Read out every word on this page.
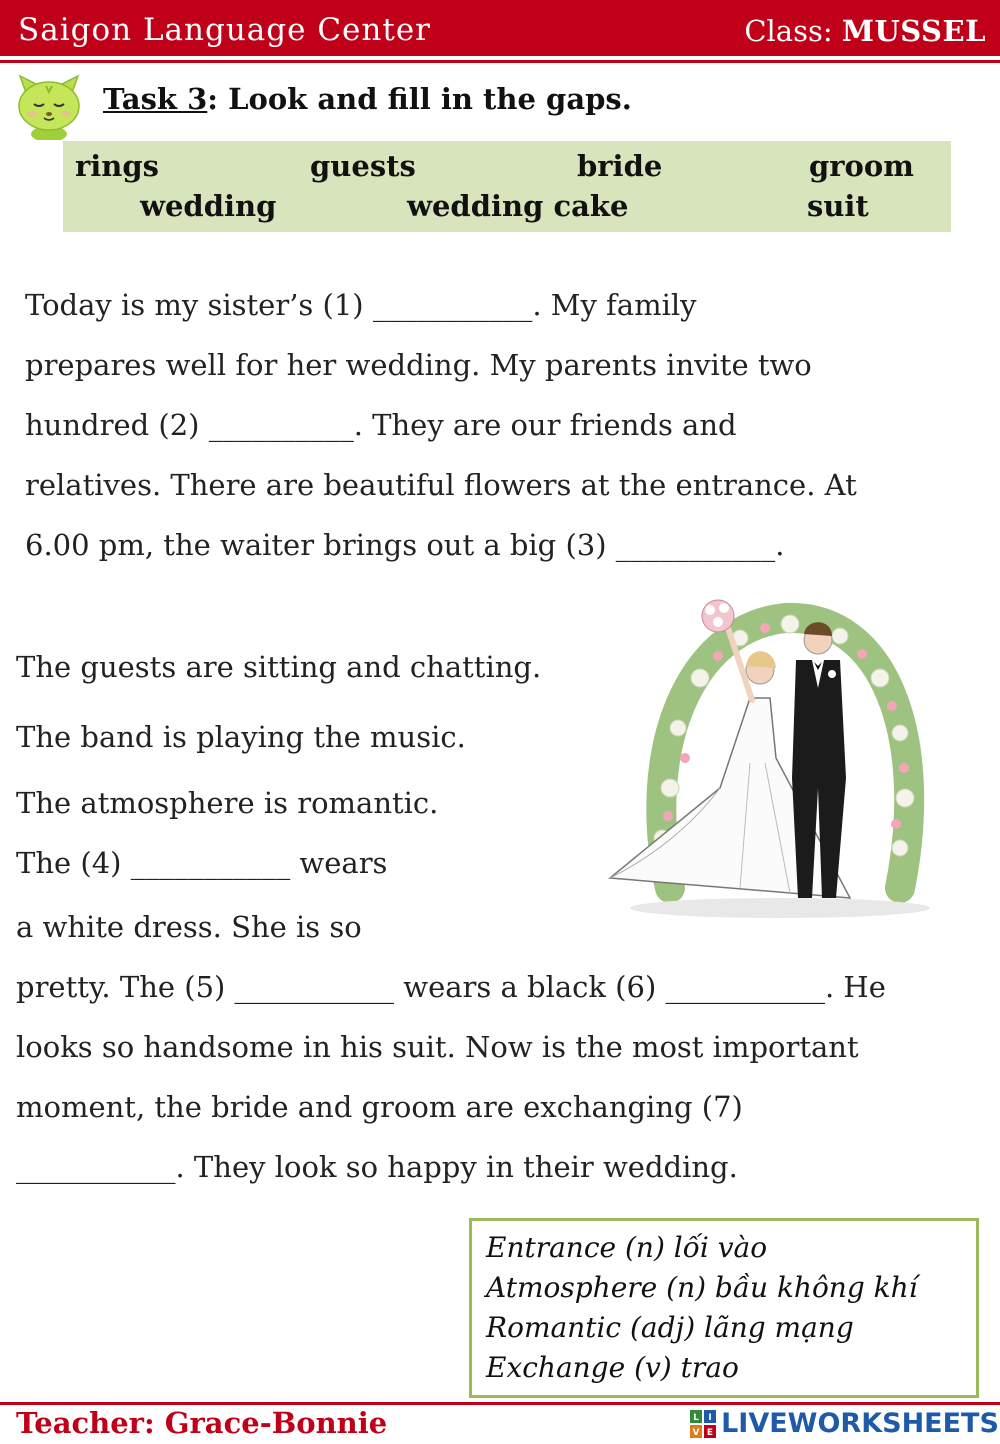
Saigon Language Center	Class: MUSSEL
Task 3: Look and fill in the gaps.
rings	guests	bride	groom
wedding	wedding cake	suit
Today is my sister’s (1) ___________. My family
prepares well for her wedding. My parents invite two
hundred (2) __________. They are our friends and
relatives. There are beautiful flowers at the entrance. At
6.00 pm, the waiter brings out a big (3) ___________.
The guests are sitting and chatting.
The band is playing the music.
The atmosphere is romantic.
The (4) ___________ wears
a white dress. She is so
pretty. The (5) ___________ wears a black (6) ___________. He
looks so handsome in his suit. Now is the most important
moment, the bride and groom are exchanging (7)
___________. They look so happy in their wedding.
Entrance (n) lối vào
Atmosphere (n) bầu không khí
Romantic (adj) lãng mạng
Exchange (v) trao
Teacher: Grace-Bonnie	L I
V E LIVEWORKSHEETS
